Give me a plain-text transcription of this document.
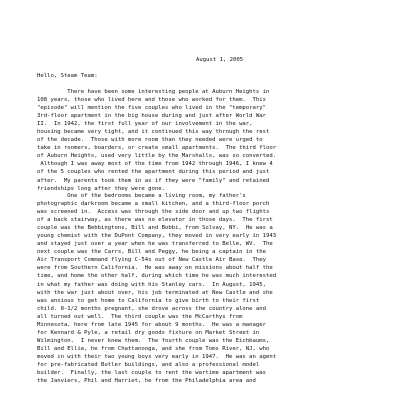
August 1, 2005
Hello, Steam Team:
There have been some interesting people at Auburn Heights in
108 years, those who lived here and those who worked for them.  This
"episode" will mention the five couples who lived in the "temporary"
3rd-floor apartment in the big house during and just after World War
II.  In 1942, the first full year of our involvement in the war,
housing became very tight, and it continued this way through the rest
of the decade.  Those with more room than they needed were urged to
take in roomers, boarders, or create small apartments.  The third floor
of Auburn Heights, used very little by the Marshalls, was so converted.
Although I was away most of the time from 1942 through 1946, I knew 4
of the 5 couples who rented the apartment during this period and just
after.  My parents took them in as if they were "family" and retained
friendships long after they were gone.
One of the bedrooms became a living room, my father's
photographic darkroom became a small kitchen, and a third-floor porch
was screened in.  Access was through the side door and up two flights
of a back stairway, as there was no elevator in those days.  The first
couple was the Bebbingtons, Bill and Bobbi, from Solvay, NY.  He was a
young chemist with the DuPont Company, they moved in very early in 1943
and stayed just over a year when he was transferred to Belle, WV.  The
next couple was the Carrs, Bill and Peggy, he being a captain in the
Air Transport Command flying C-54s out of New Castle Air Base.  They
were from Southern California.  He was away on missions about half the
time, and home the other half, during which time he was much interested
in what my father was doing with his Stanley cars.  In August, 1945,
with the war just about over, his job terminated at New Castle and she
was anxious to get home to California to give birth to their first
child. 8-1/2 months pregnant, she drove across the country alone and
all turned out well.  The third couple was the McCarthys from
Minnesota, here from late 1945 for about 9 months.  He was a manager
for Kennard & Pyle, a retail dry goods fixture on Market Street in
Wilmington.  I never knew them.  The fourth couple was the Eichbaums,
Bill and Ellie, he from Chattanooga, and she from Toms River, NJ, who
moved in with their two young boys very early in 1947.  He was an agent
for pre-fabricated Butler buildings, and also a professional model
builder.  Finally, the last couple to rent the wartime apartment was
the Janviers, Phil and Harriet, he from the Philadelphia area and
